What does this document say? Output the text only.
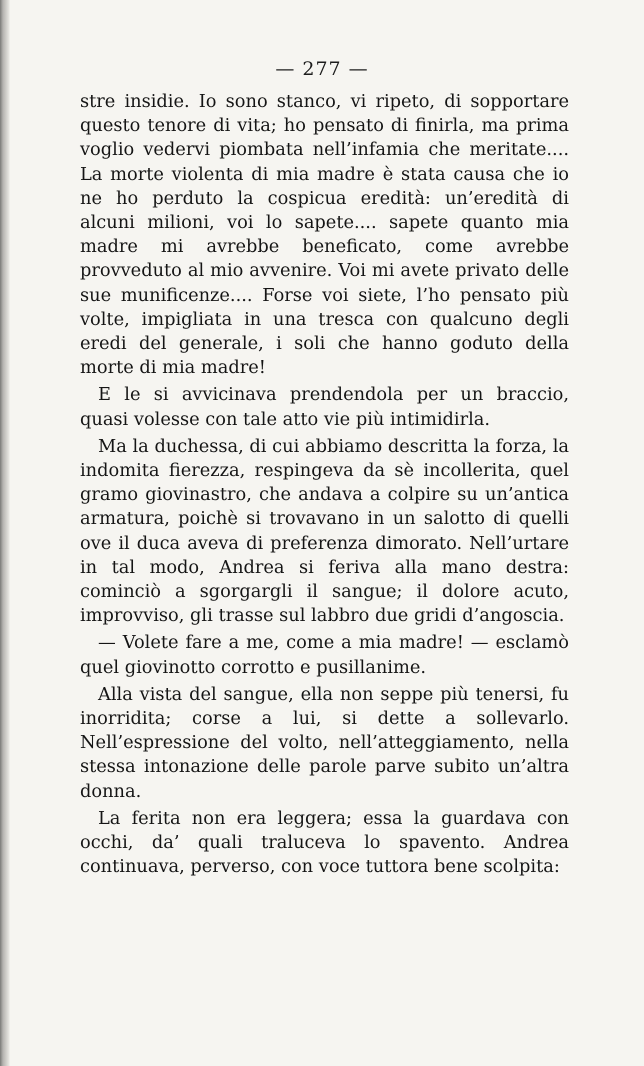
— 277 —

stre insidie. Io sono stanco, vi ripeto, di sopportare questo tenore di vita; ho pensato di finirla, ma prima voglio vedervi piombata nell’infamia che meritate.... La morte violenta di mia madre è stata causa che io ne ho perduto la cospicua eredità: un’eredità di alcuni milioni, voi lo sapete.... sapete quanto mia madre mi avrebbe beneficato, come avrebbe provveduto al mio avvenire. Voi mi avete privato delle sue munificenze.... Forse voi siete, l’ho pensato più volte, impigliata in una tresca con qualcuno degli eredi del generale, i soli che hanno goduto della morte di mia madre!

E le si avvicinava prendendola per un braccio, quasi volesse con tale atto vie più intimidirla.

Ma la duchessa, di cui abbiamo descritta la forza, la indomita fierezza, respingeva da sè incollerita, quel gramo giovinastro, che andava a colpire su un’antica armatura, poichè si trovavano in un salotto di quelli ove il duca aveva di preferenza dimorato. Nell’urtare in tal modo, Andrea si feriva alla mano destra: cominciò a sgorgargli il sangue; il dolore acuto, improvviso, gli trasse sul labbro due gridi d’angoscia.

— Volete fare a me, come a mia madre! — esclamò quel giovinotto corrotto e pusillanime.

Alla vista del sangue, ella non seppe più tenersi, fu inorridita; corse a lui, si dette a sollevarlo. Nell’espressione del volto, nell’atteggiamento, nella stessa intonazione delle parole parve subito un’altra donna.

La ferita non era leggera; essa la guardava con occhi, da’ quali traluceva lo spavento. Andrea continuava, perverso, con voce tuttora bene scolpita:
